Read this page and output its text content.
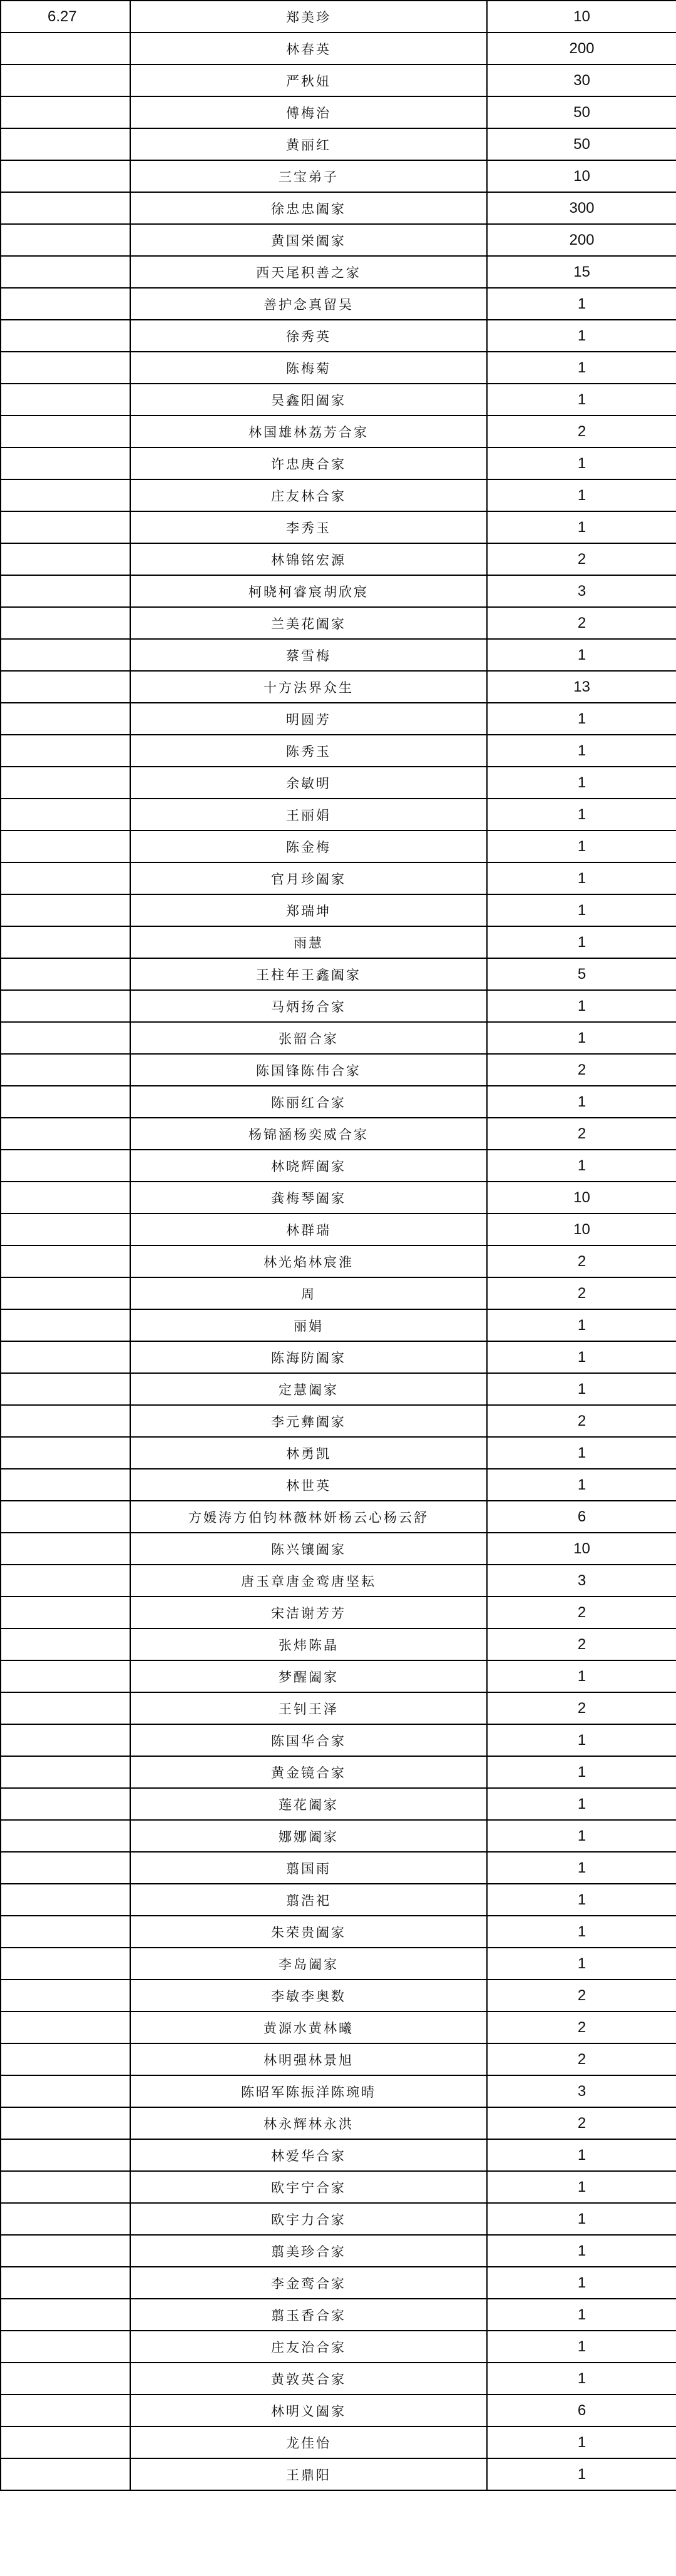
6.27	郑美珍	10
	林春英	200
	严秋妞	30
	傅梅治	50
	黄丽红	50
	三宝弟子	10
	徐忠忠阖家	300
	黄国栄阖家	200
	西天尾积善之家	15
	善护念真留吴	1
	徐秀英	1
	陈梅菊	1
	吴鑫阳阖家	1
	林国雄林荔芳合家	2
	许忠庚合家	1
	庄友林合家	1
	李秀玉	1
	林锦铭宏源	2
	柯晓柯睿宸胡欣宸	3
	兰美花阖家	2
	蔡雪梅	1
	十方法界众生	13
	明圆芳	1
	陈秀玉	1
	余敏明	1
	王丽娟	1
	陈金梅	1
	官月珍阖家	1
	郑瑞坤	1
	雨慧	1
	王柱年王鑫阖家	5
	马炳扬合家	1
	张韶合家	1
	陈国锋陈伟合家	2
	陈丽红合家	1
	杨锦涵杨奕威合家	2
	林晓辉阖家	1
	龚梅琴阖家	10
	林群瑞	10
	林光焰林宸淮	2
	周	2
	丽娟	1
	陈海防阖家	1
	定慧阖家	1
	李元彝阖家	2
	林勇凯	1
	林世英	1
	方媛涛方伯钧林薇林妍杨云心杨云舒	6
	陈兴镶阖家	10
	唐玉章唐金鸾唐坚耘	3
	宋洁谢芳芳	2
	张炜陈晶	2
	梦醒阖家	1
	王钊王泽	2
	陈国华合家	1
	黄金镜合家	1
	莲花阖家	1
	娜娜阖家	1
	翦国雨	1
	翦浩祀	1
	朱荣贵阖家	1
	李岛阖家	1
	李敏李奥数	2
	黄源水黄林曦	2
	林明强林景旭	2
	陈昭军陈振洋陈琬晴	3
	林永辉林永洪	2
	林爱华合家	1
	欧宇宁合家	1
	欧宇力合家	1
	翦美珍合家	1
	李金鸾合家	1
	翦玉香合家	1
	庄友治合家	1
	黄敦英合家	1
	林明义阖家	6
	龙佳怡	1
	王鼎阳	1
